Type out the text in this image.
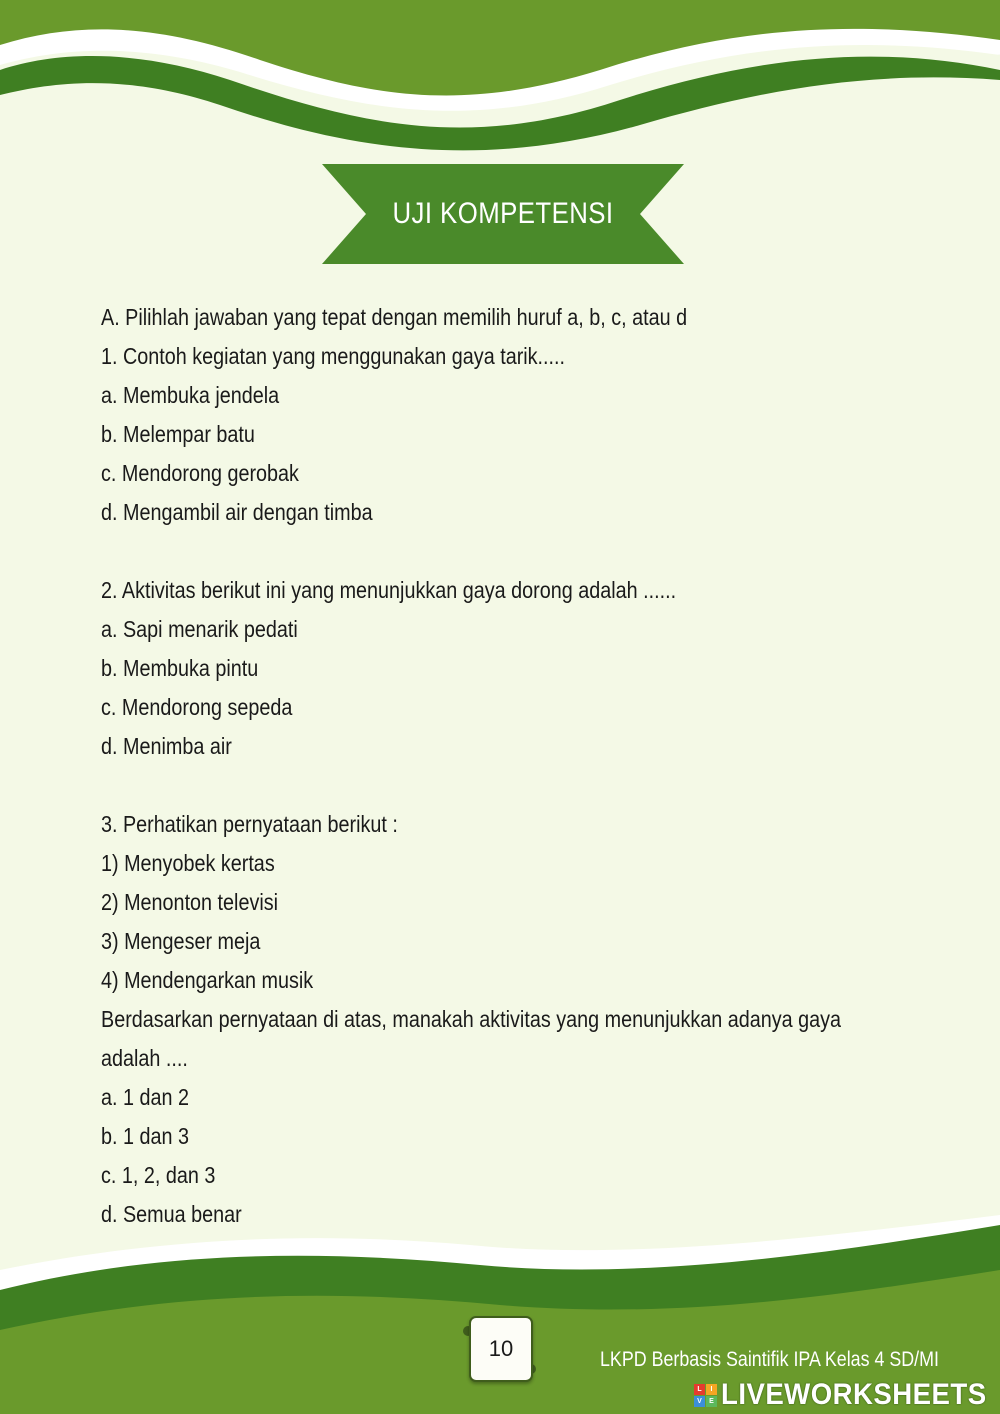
UJI KOMPETENSI
A. Pilihlah jawaban yang tepat dengan memilih huruf a, b, c, atau d
1. Contoh kegiatan yang menggunakan gaya tarik.....
a. Membuka jendela
b. Melempar batu
c. Mendorong gerobak
d. Mengambil air dengan timba
2. Aktivitas berikut ini yang menunjukkan gaya dorong adalah ......
a. Sapi menarik pedati
b. Membuka pintu
c. Mendorong sepeda
d. Menimba air
3. Perhatikan pernyataan berikut :
1) Menyobek kertas
2) Menonton televisi
3) Mengeser meja
4) Mendengarkan musik
Berdasarkan pernyataan di atas, manakah aktivitas yang menunjukkan adanya gaya
adalah ....
a. 1 dan 2
b. 1 dan 3
c. 1, 2, dan 3
d. Semua benar
10	LKPD Berbasis Saintifik IPA Kelas 4 SD/MI
L	I
V	E LIVEWORKSHEETS
